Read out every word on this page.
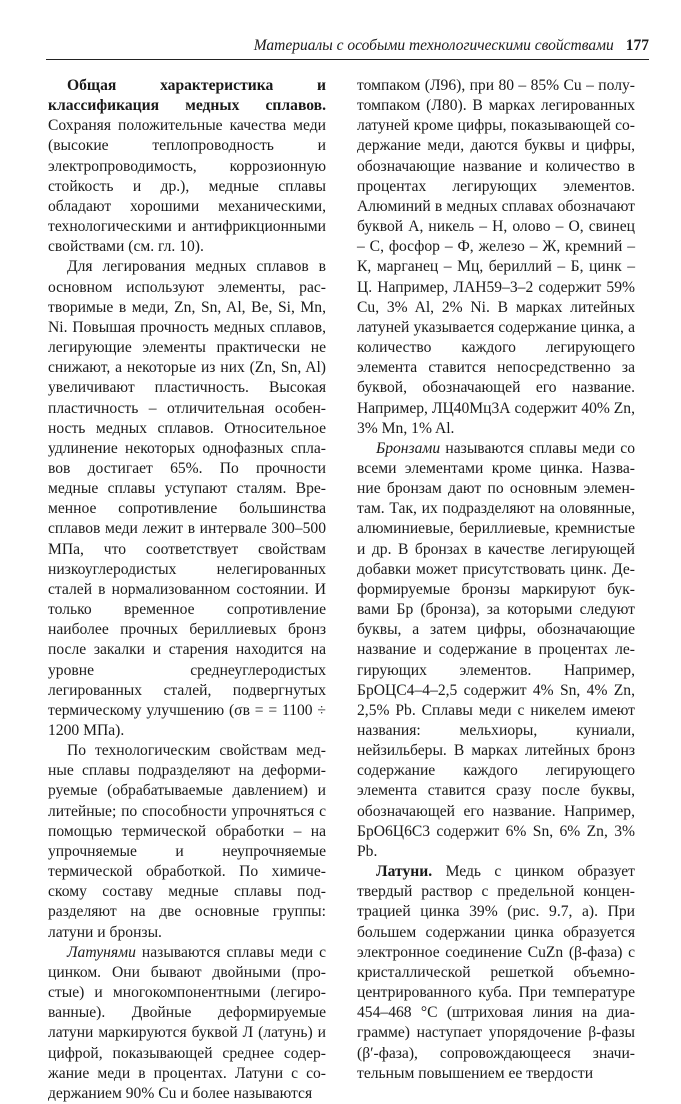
Материалы с особыми технологическими свойствами 177

Общая характеристика и классификация медных сплавов. Сохраняя положительные качества меди (высокие теплопроводность и электропроводимость, коррозионную стойкость и др.), медные сплавы обладают хорошими механическими, технологическими и антифрикционными свойствами (см. гл. 10).

Для легирования медных сплавов в основном используют элементы, растворимые в меди, Zn, Sn, Al, Be, Si, Mn, Ni. Повышая прочность медных сплавов, легирующие элементы практически не снижают, а некоторые из них (Zn, Sn, Al) увеличивают пластичность. Высокая пластичность – отличительная особенность медных сплавов. Относительное удлинение некоторых однофазных сплавов достигает 65%. По прочности медные сплавы уступают сталям. Временное сопротивление большинства сплавов меди лежит в интервале 300–500 МПа, что соответствует свойствам низкоуглеродистых нелегированных сталей в нормализованном состоянии. И только временное сопротивление наиболее прочных бериллиевых бронз после закалки и старения находится на уровне среднеуглеродистых легированных сталей, подвергнутых термическому улучшению (σв = = 1100 ÷ 1200 МПа).

По технологическим свойствам медные сплавы подразделяют на деформируемые (обрабатываемые давлением) и литейные; по способности упрочняться с помощью термической обработки – на упрочняемые и неупрочняемые термической обработкой. По химическому составу медные сплавы подразделяют на две основные группы: латуни и бронзы.

Латунями называются сплавы меди с цинком. Они бывают двойными (простые) и многокомпонентными (легированные). Двойные деформируемые латуни маркируются буквой Л (латунь) и цифрой, показывающей среднее содержание меди в процентах. Латуни с содержанием 90% Cu и более называются

томпаком (Л96), при 80 – 85% Cu – полутомпаком (Л80). В марках легированных латуней кроме цифры, показывающей содержание меди, даются буквы и цифры, обозначающие название и количество в процентах легирующих элементов. Алюминий в медных сплавах обозначают буквой А, никель – Н, олово – О, свинец – С, фосфор – Ф, железо – Ж, кремний – К, марганец – Мц, бериллий – Б, цинк – Ц. Например, ЛАН59–3–2 содержит 59% Cu, 3% Al, 2% Ni. В марках литейных латуней указывается содержание цинка, а количество каждого легирующего элемента ставится непосредственно за буквой, обозначающей его название. Например, ЛЦ40Мц3А содержит 40% Zn, 3% Mn, 1% Al.

Бронзами называются сплавы меди со всеми элементами кроме цинка. Название бронзам дают по основным элементам. Так, их подразделяют на оловянные, алюминиевые, бериллиевые, кремнистые и др. В бронзах в качестве легирующей добавки может присутствовать цинк. Деформируемые бронзы маркируют буквами Бр (бронза), за которыми следуют буквы, а затем цифры, обозначающие название и содержание в процентах легирующих элементов. Например, БрОЦС4–4–2,5 содержит 4% Sn, 4% Zn, 2,5% Pb. Сплавы меди с никелем имеют названия: мельхиоры, куниали, нейзильберы. В марках литейных бронз содержание каждого легирующего элемента ставится сразу после буквы, обозначающей его название. Например, БрО6Ц6С3 содержит 6% Sn, 6% Zn, 3% Pb.

Латуни. Медь с цинком образует твердый раствор с предельной концентрацией цинка 39% (рис. 9.7, а). При большем содержании цинка образуется электронное соединение CuZn (β-фаза) с кристаллической решеткой объемноцентрированного куба. При температуре 454–468 °С (штриховая линия на диаграмме) наступает упорядочение β-фазы (β′-фаза), сопровождающееся значительным повышением ее твердости
